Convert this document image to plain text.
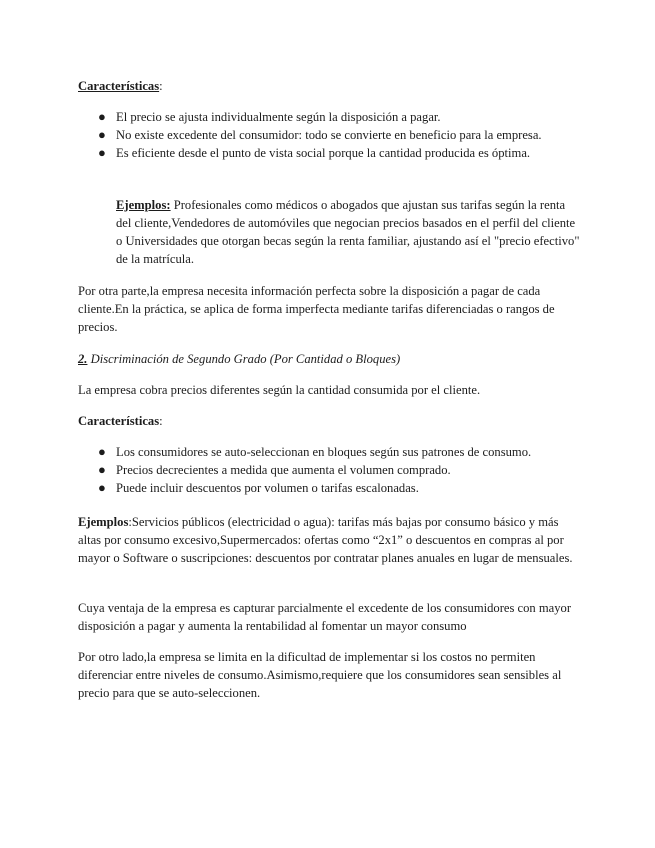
Características:

● El precio se ajusta individualmente según la disposición a pagar.
● No existe excedente del consumidor: todo se convierte en beneficio para la empresa.
● Es eficiente desde el punto de vista social porque la cantidad producida es óptima.

Ejemplos: Profesionales como médicos o abogados que ajustan sus tarifas según la renta del cliente,Vendedores de automóviles que negocian precios basados en el perfil del cliente o Universidades que otorgan becas según la renta familiar, ajustando así el "precio efectivo" de la matrícula.

Por otra parte,la empresa necesita información perfecta sobre la disposición a pagar de cada cliente.En la práctica, se aplica de forma imperfecta mediante tarifas diferenciadas o rangos de precios.

2. Discriminación de Segundo Grado (Por Cantidad o Bloques)

La empresa cobra precios diferentes según la cantidad consumida por el cliente.

Características:

● Los consumidores se auto-seleccionan en bloques según sus patrones de consumo.
● Precios decrecientes a medida que aumenta el volumen comprado.
● Puede incluir descuentos por volumen o tarifas escalonadas.

Ejemplos:Servicios públicos (electricidad o agua): tarifas más bajas por consumo básico y más altas por consumo excesivo,Supermercados: ofertas como “2x1” o descuentos en compras al por mayor o Software o suscripciones: descuentos por contratar planes anuales en lugar de mensuales.

Cuya ventaja de la empresa es capturar parcialmente el excedente de los consumidores con mayor disposición a pagar y aumenta la rentabilidad al fomentar un mayor consumo

Por otro lado,la empresa se limita en la dificultad de implementar si los costos no permiten diferenciar entre niveles de consumo.Asimismo,requiere que los consumidores sean sensibles al precio para que se auto-seleccionen.
